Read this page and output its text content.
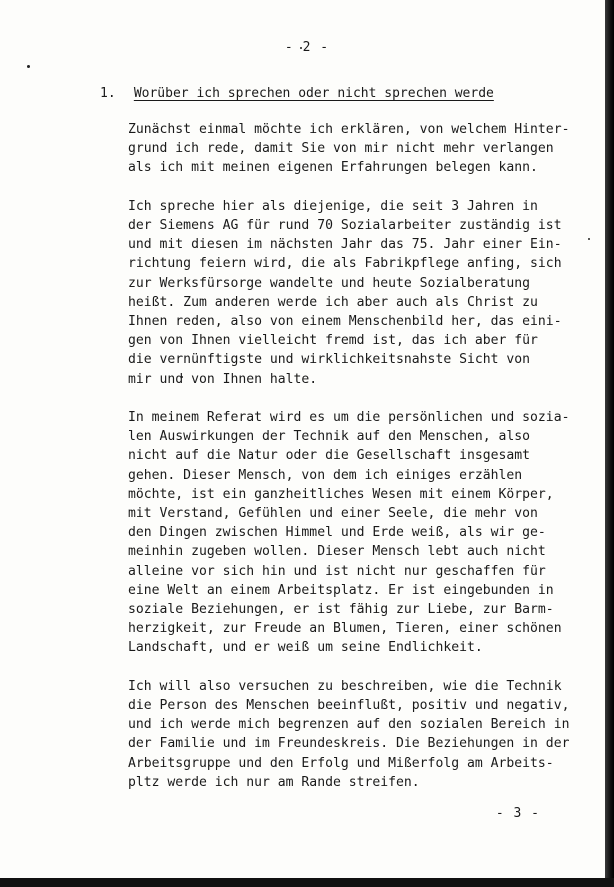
- 2 -
1. Worüber ich sprechen oder nicht sprechen werde

Zunächst einmal möchte ich erklären, von welchem Hinter-
grund ich rede, damit Sie von mir nicht mehr verlangen
als ich mit meinen eigenen Erfahrungen belegen kann.

Ich spreche hier als diejenige, die seit 3 Jahren in
der Siemens AG für rund 70 Sozialarbeiter zuständig ist
und mit diesen im nächsten Jahr das 75. Jahr einer Ein-
richtung feiern wird, die als Fabrikpflege anfing, sich
zur Werksfürsorge wandelte und heute Sozialberatung
heißt. Zum anderen werde ich aber auch als Christ zu
Ihnen reden, also von einem Menschenbild her, das eini-
gen von Ihnen vielleicht fremd ist, das ich aber für
die vernünftigste und wirklichkeitsnahste Sicht von
mir und von Ihnen halte.

In meinem Referat wird es um die persönlichen und sozia-
len Auswirkungen der Technik auf den Menschen, also
nicht auf die Natur oder die Gesellschaft insgesamt
gehen. Dieser Mensch, von dem ich einiges erzählen
möchte, ist ein ganzheitliches Wesen mit einem Körper,
mit Verstand, Gefühlen und einer Seele, die mehr von
den Dingen zwischen Himmel und Erde weiß, als wir ge-
meinhin zugeben wollen. Dieser Mensch lebt auch nicht
alleine vor sich hin und ist nicht nur geschaffen für
eine Welt an einem Arbeitsplatz. Er ist eingebunden in
soziale Beziehungen, er ist fähig zur Liebe, zur Barm-
herzigkeit, zur Freude an Blumen, Tieren, einer schönen
Landschaft, und er weiß um seine Endlichkeit.

Ich will also versuchen zu beschreiben, wie die Technik
die Person des Menschen beeinflußt, positiv und negativ,
und ich werde mich begrenzen auf den sozialen Bereich in
der Familie und im Freundeskreis. Die Beziehungen in der
Arbeitsgruppe und den Erfolg und Mißerfolg am Arbeits-
pltz werde ich nur am Rande streifen.

- 3 -
